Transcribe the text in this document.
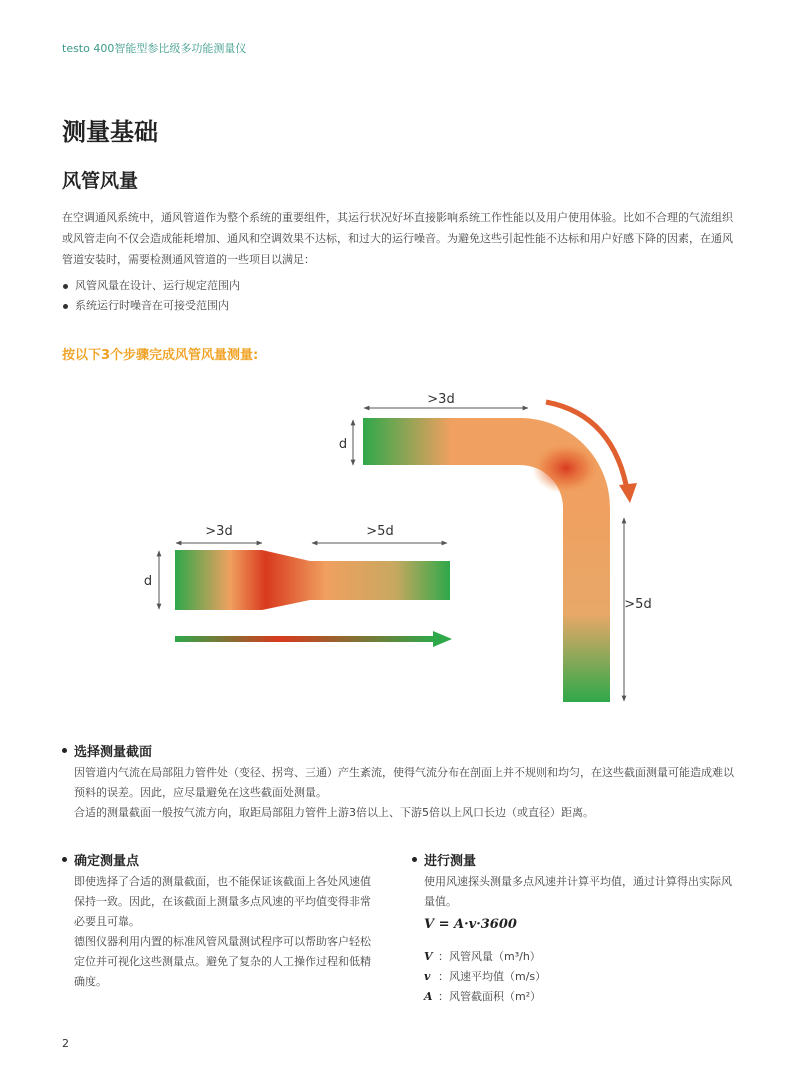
testo 400智能型参比级多功能测量仪
测量基础
风管风量
在空调通风系统中，通风管道作为整个系统的重要组件，其运行状况好坏直接影响系统工作性能以及用户使用体验。比如不合理的气流组织或风管走向不仅会造成能耗增加、通风和空调效果不达标，和过大的运行噪音。为避免这些引起性能不达标和用户好感下降的因素，在通风管道安装时，需要检测通风管道的一些项目以满足：
风管风量在设计、运行规定范围内
系统运行时噪音在可接受范围内
按以下3个步骤完成风管风量测量:
>3d
d
>5d
>3d	>5d
d
选择测量截面
因管道内气流在局部阻力管件处（变径、拐弯、三通）产生紊流，使得气流分布在剖面上并不规则和均匀，在这些截面测量可能造成难以预料的误差。因此，应尽量避免在这些截面处测量。
合适的测量截面一般按气流方向，取距局部阻力管件上游3倍以上、下游5倍以上风口长边（或直径）距离。
确定测量点
即使选择了合适的测量截面，也不能保证该截面上各处风速值保持一致。因此，在该截面上测量多点风速的平均值变得非常必要且可靠。
德图仪器利用内置的标准风管风量测试程序可以帮助客户轻松定位并可视化这些测量点。避免了复杂的人工操作过程和低精确度。
进行测量
使用风速探头测量多点风速并计算平均值，通过计算得出实际风量值。
V = A·v·3600
V ：风管风量（m³/h）
v ：风速平均值（m/s）
A ：风管截面积（m²）
2
